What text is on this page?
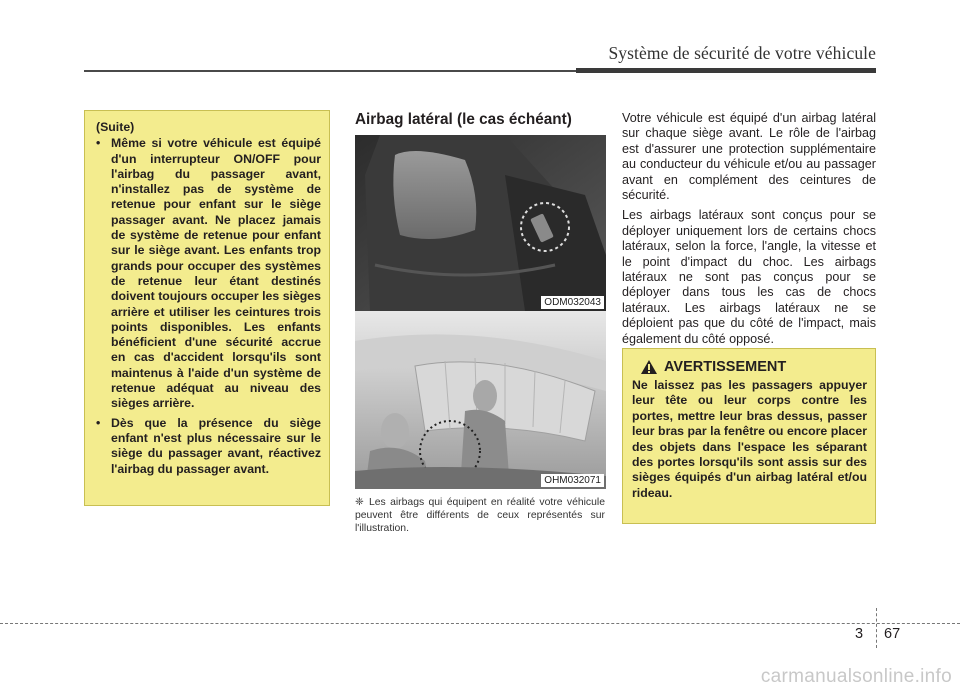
Système de sécurité de votre véhicule
(Suite)
• Même si votre véhicule est équipé d'un interrupteur ON/OFF pour l'airbag du passager avant, n'installez pas de système de retenue pour enfant sur le siège passager avant. Ne placez jamais de système de retenue pour enfant sur le siège avant. Les enfants trop grands pour occuper des systèmes de retenue leur étant destinés doivent toujours occuper les sièges arrière et utiliser les ceintures trois points disponibles. Les enfants bénéficient d'une sécurité accrue en cas d'accident lorsqu'ils sont maintenus à l'aide d'un système de retenue adéquat au niveau des sièges arrière.
• Dès que la présence du siège enfant n'est plus nécessaire sur le siège du passager avant, réactivez l'airbag du passager avant.
Airbag latéral (le cas échéant)
ODM032043
OHM032071
❈ Les airbags qui équipent en réalité votre véhicule peuvent être différents de ceux représentés sur l'illustration.

Votre véhicule est équipé d'un airbag latéral sur chaque siège avant. Le rôle de l'airbag est d'assurer une protection supplémentaire au conducteur du véhicule et/ou au passager avant en complément des ceintures de sécurité.

Les airbags latéraux sont conçus pour se déployer uniquement lors de certains chocs latéraux, selon la force, l'angle, la vitesse et le point d'impact du choc. Les airbags latéraux ne sont pas conçus pour se déployer dans tous les cas de chocs latéraux. Les airbags latéraux ne se déploient pas que du côté de l'impact, mais également du côté opposé.

AVERTISSEMENT
Ne laissez pas les passagers appuyer leur tête ou leur corps contre les portes, mettre leur bras dessus, passer leur bras par la fenêtre ou encore placer des objets dans l'espace les séparant des portes lorsqu'ils sont assis sur des sièges équipés d'un airbag latéral et/ou rideau.
3 67
carmanualsonline.info
